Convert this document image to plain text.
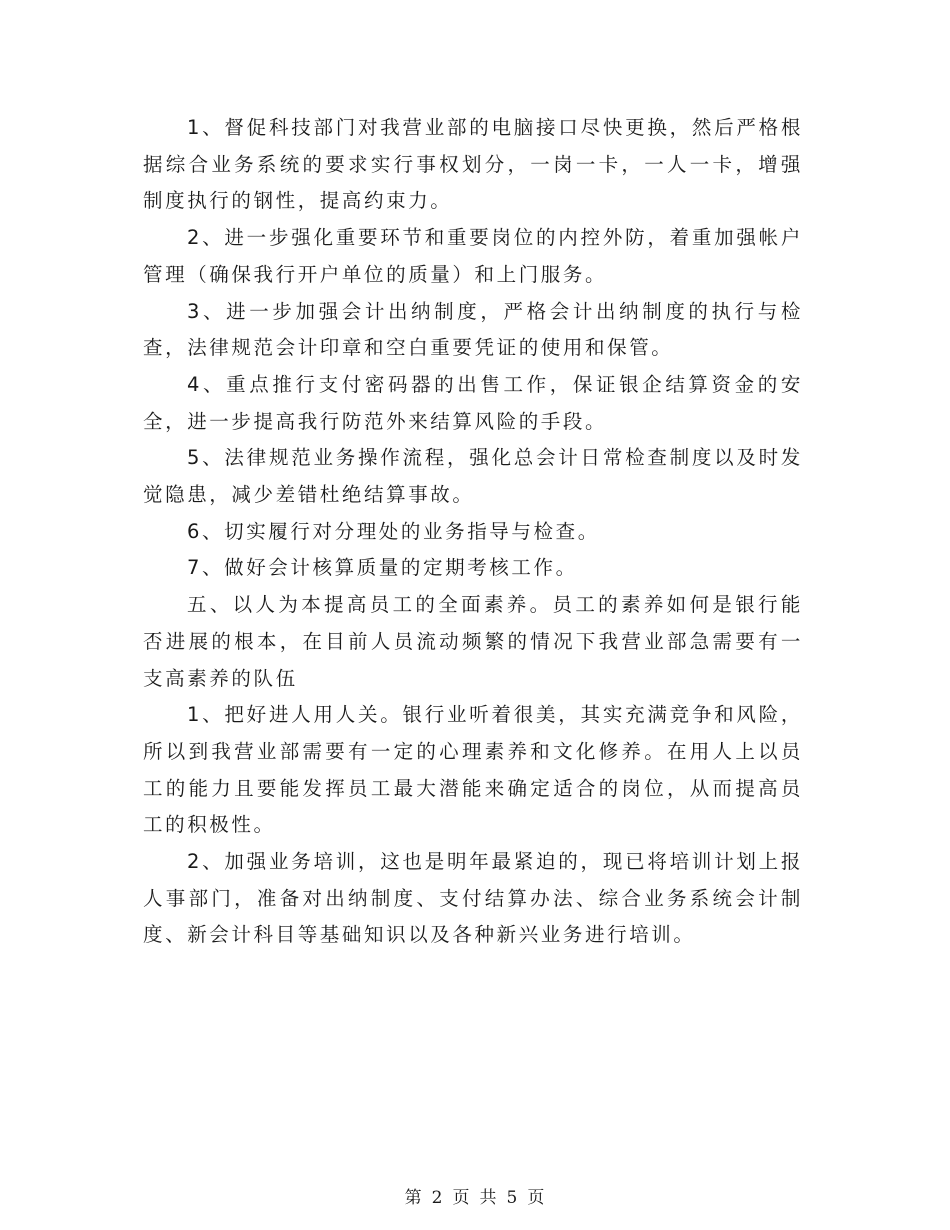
1、督促科技部门对我营业部的电脑接口尽快更换，然后严格根据综合业务系统的要求实行事权划分，一岗一卡，一人一卡，增强制度执行的钢性，提高约束力。

2、进一步强化重要环节和重要岗位的内控外防，着重加强帐户管理（确保我行开户单位的质量）和上门服务。

3、进一步加强会计出纳制度，严格会计出纳制度的执行与检查，法律规范会计印章和空白重要凭证的使用和保管。

4、重点推行支付密码器的出售工作，保证银企结算资金的安全，进一步提高我行防范外来结算风险的手段。

5、法律规范业务操作流程，强化总会计日常检查制度以及时发觉隐患，减少差错杜绝结算事故。

6、切实履行对分理处的业务指导与检查。

7、做好会计核算质量的定期考核工作。

五、以人为本提高员工的全面素养。员工的素养如何是银行能否进展的根本，在目前人员流动频繁的情况下我营业部急需要有一支高素养的队伍

1、把好进人用人关。银行业听着很美，其实充满竞争和风险，所以到我营业部需要有一定的心理素养和文化修养。在用人上以员工的能力且要能发挥员工最大潜能来确定适合的岗位，从而提高员工的积极性。

2、加强业务培训，这也是明年最紧迫的，现已将培训计划上报人事部门，准备对出纳制度、支付结算办法、综合业务系统会计制度、新会计科目等基础知识以及各种新兴业务进行培训。

第 2 页 共 5 页
